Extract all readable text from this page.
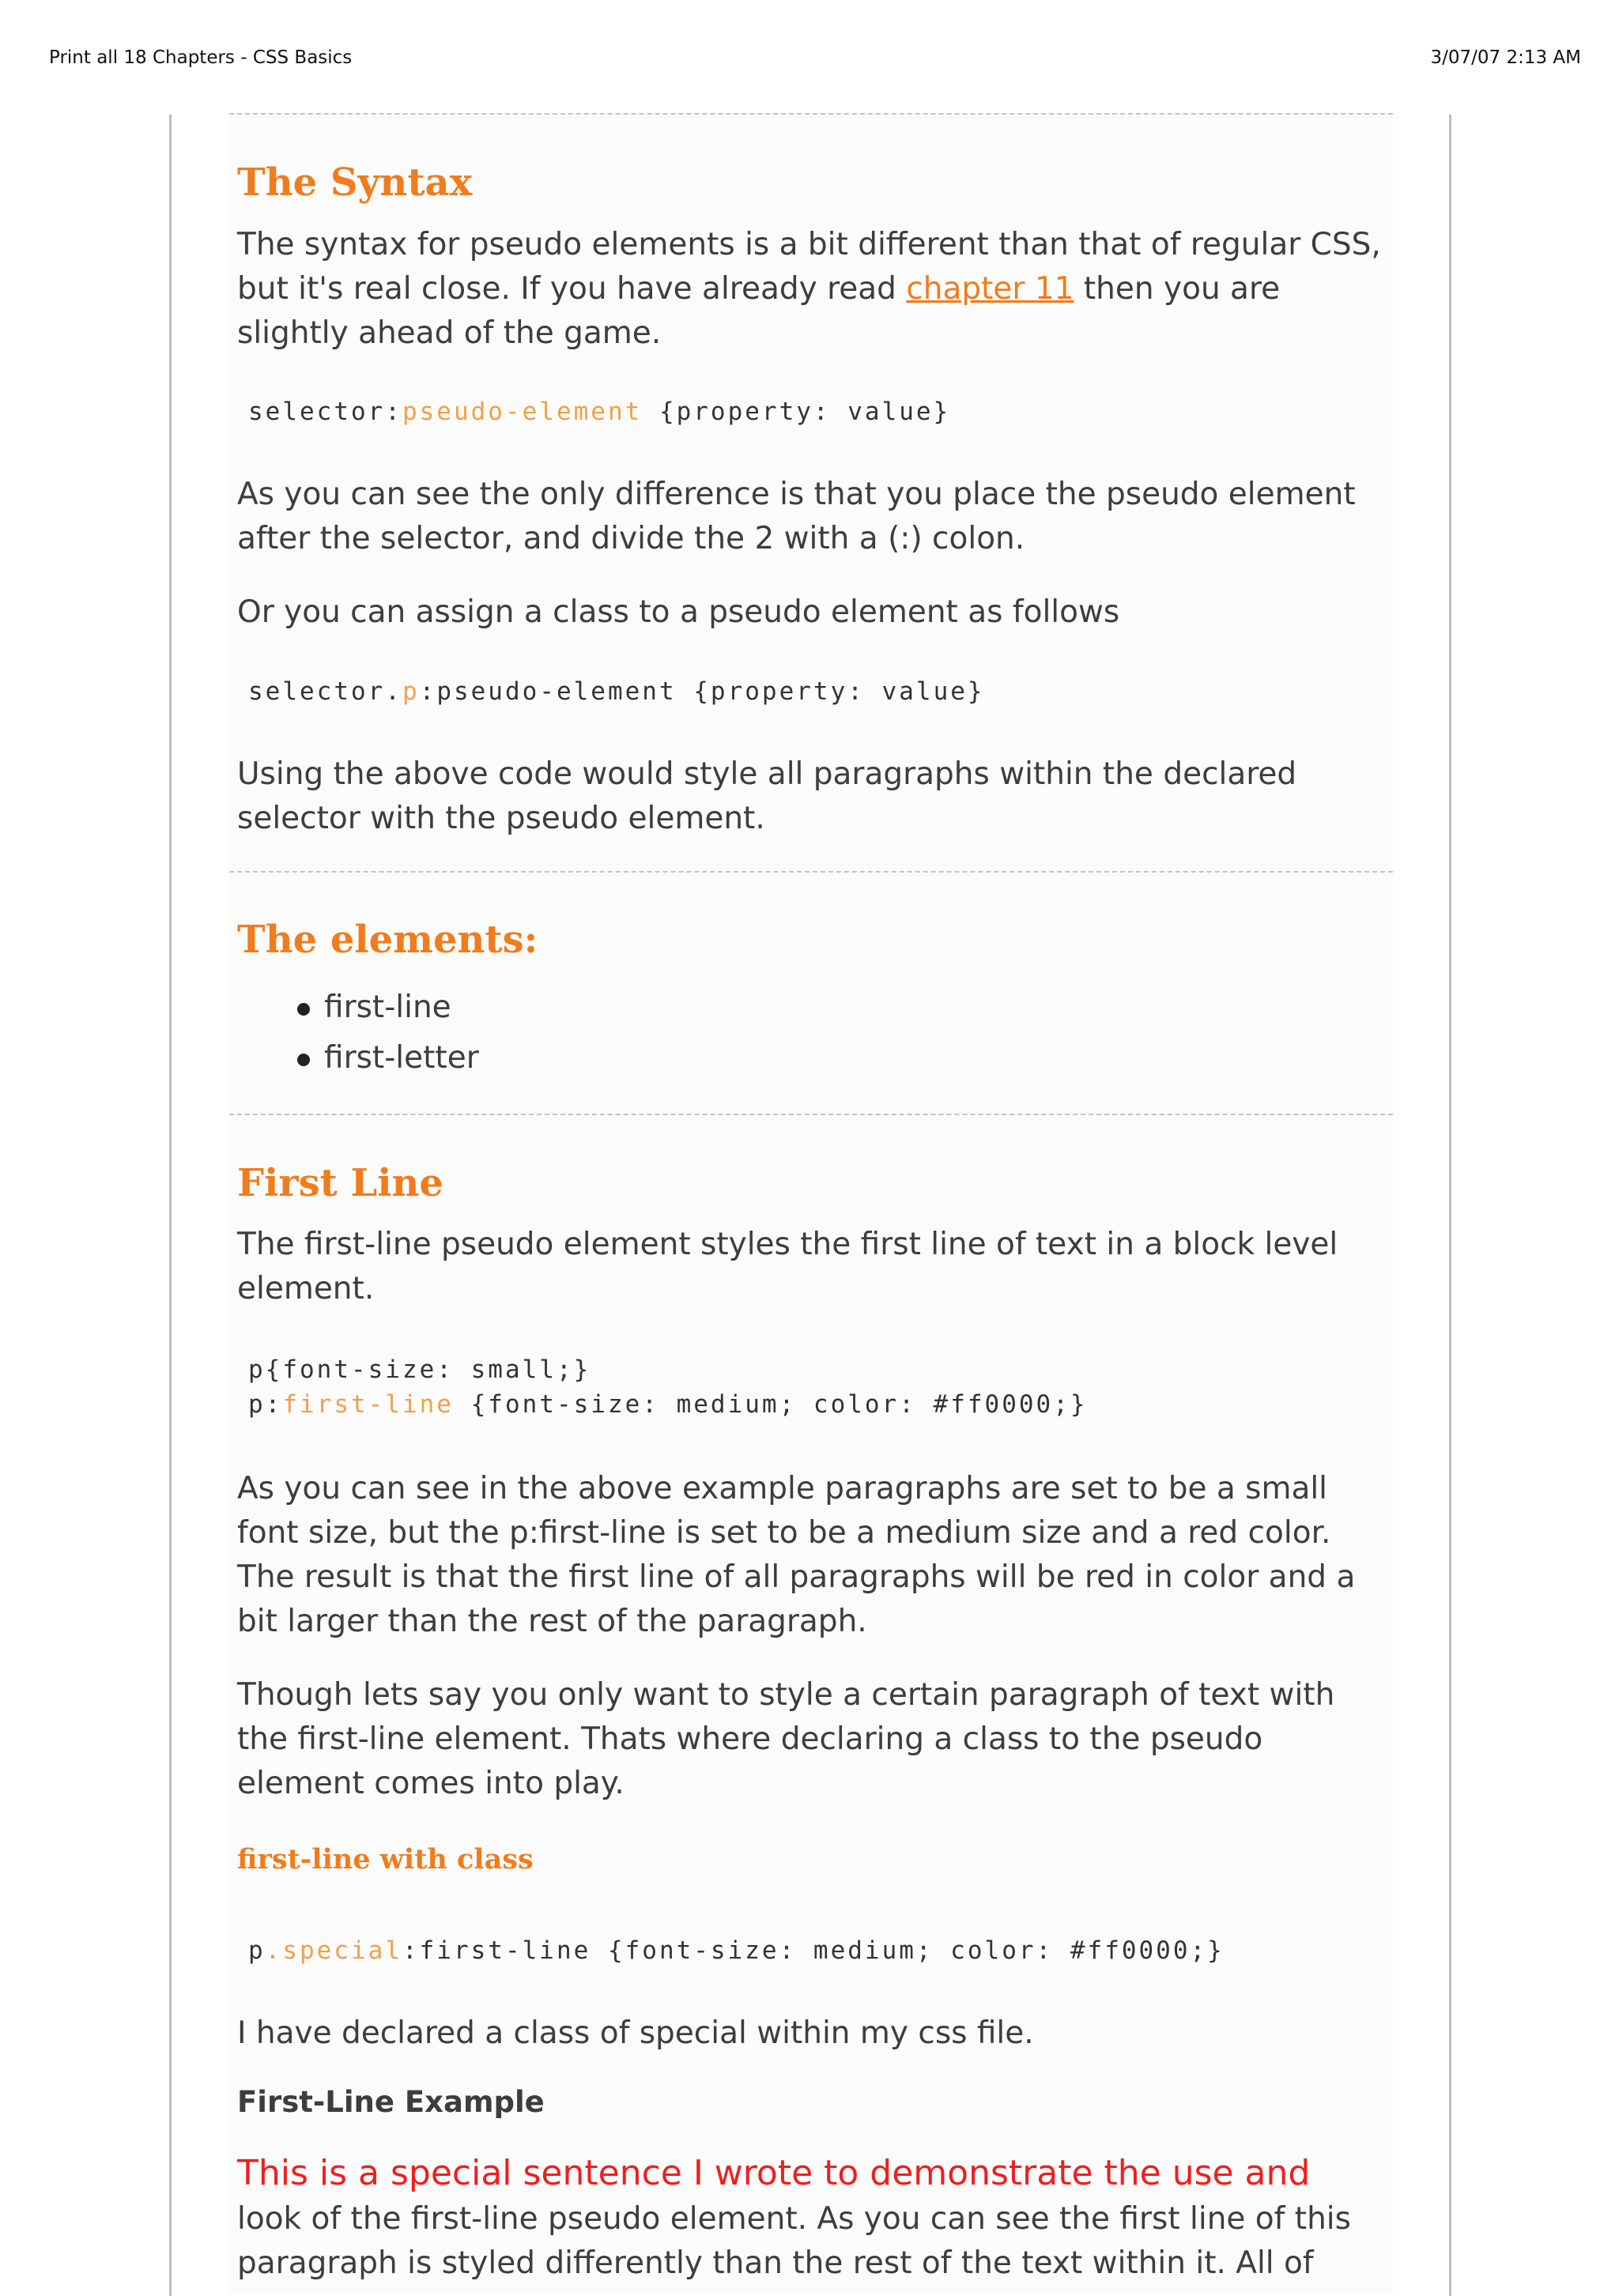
Print all 18 Chapters - CSS Basics	3/07/07 2:13 AM
The Syntax

The syntax for pseudo elements is a bit different than that of regular CSS, but it's real close. If you have already read chapter 11 then you are slightly ahead of the game.

selector:pseudo-element {property: value}

As you can see the only difference is that you place the pseudo element after the selector, and divide the 2 with a (:) colon.

Or you can assign a class to a pseudo element as follows

selector.p:pseudo-element {property: value}

Using the above code would style all paragraphs within the declared selector with the pseudo element.

The elements:
first-line
first-letter
First Line

The first-line pseudo element styles the first line of text in a block level element.

p{font-size: small;}
p:first-line {font-size: medium; color: #ff0000;}

As you can see in the above example paragraphs are set to be a small font size, but the p:first-line is set to be a medium size and a red color. The result is that the first line of all paragraphs will be red in color and a bit larger than the rest of the paragraph.

Though lets say you only want to style a certain paragraph of text with the first-line element. Thats where declaring a class to the pseudo element comes into play.

first-line with class
p.special:first-line {font-size: medium; color: #ff0000;}

I have declared a class of special within my css file.

First-Line Example

This is a special sentence I wrote to demonstrate the use and
look of the first-line pseudo element. As you can see the first line of this
paragraph is styled differently than the rest of the text within it. All of
